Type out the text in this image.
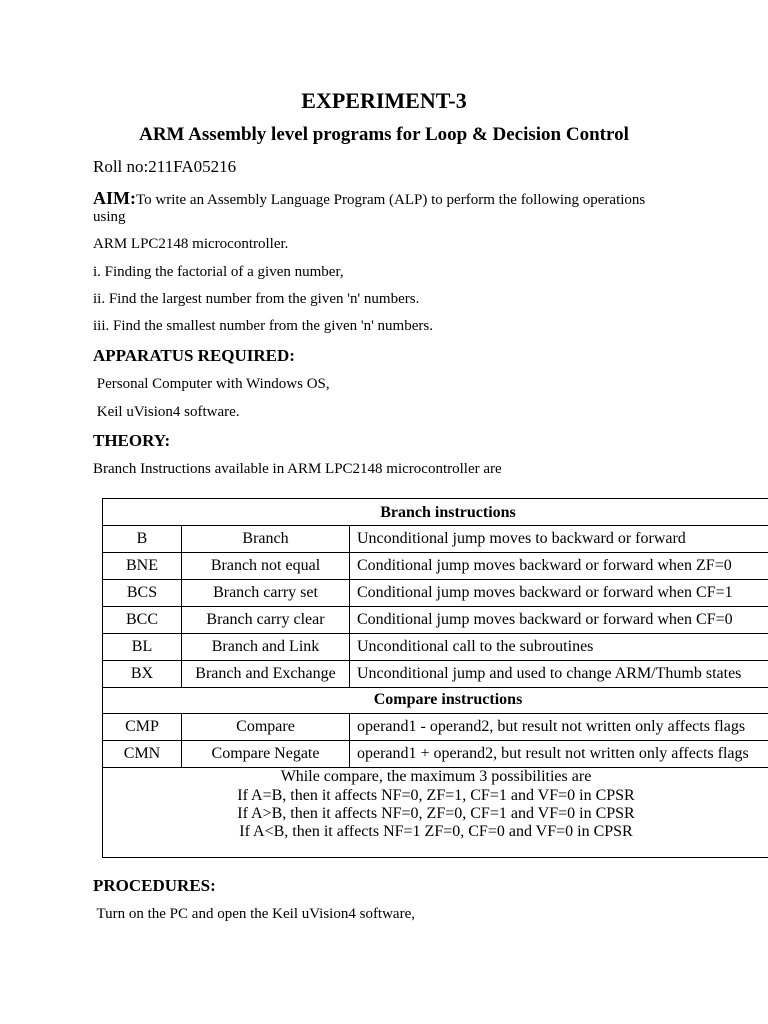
EXPERIMENT-3
ARM Assembly level programs for Loop & Decision Control
Roll no:211FA05216
AIM:To write an Assembly Language Program (ALP) to perform the following operations
using
ARM LPC2148 microcontroller.
i. Finding the factorial of a given number,
ii. Find the largest number from the given 'n' numbers.
iii. Find the smallest number from the given 'n' numbers.
APPARATUS REQUIRED:
Personal Computer with Windows OS,
Keil uVision4 software.
THEORY:
Branch Instructions available in ARM LPC2148 microcontroller are
Branch instructions
B	Branch	Unconditional jump moves to backward or forward
BNE	Branch not equal	Conditional jump moves backward or forward when ZF=0
BCS	Branch carry set	Conditional jump moves backward or forward when CF=1
BCC	Branch carry clear	Conditional jump moves backward or forward when CF=0
BL	Branch and Link	Unconditional call to the subroutines
BX	Branch and Exchange	Unconditional jump and used to change ARM/Thumb states
Compare instructions
CMP	Compare	operand1 - operand2, but result not written only affects flags
CMN	Compare Negate	operand1 + operand2, but result not written only affects flags
While compare, the maximum 3 possibilities are
If A=B, then it affects NF=0, ZF=1, CF=1 and VF=0 in CPSR
If A>B, then it affects NF=0, ZF=0, CF=1 and VF=0 in CPSR
If A<B, then it affects NF=1 ZF=0, CF=0 and VF=0 in CPSR
PROCEDURES:
Turn on the PC and open the Keil uVision4 software,
